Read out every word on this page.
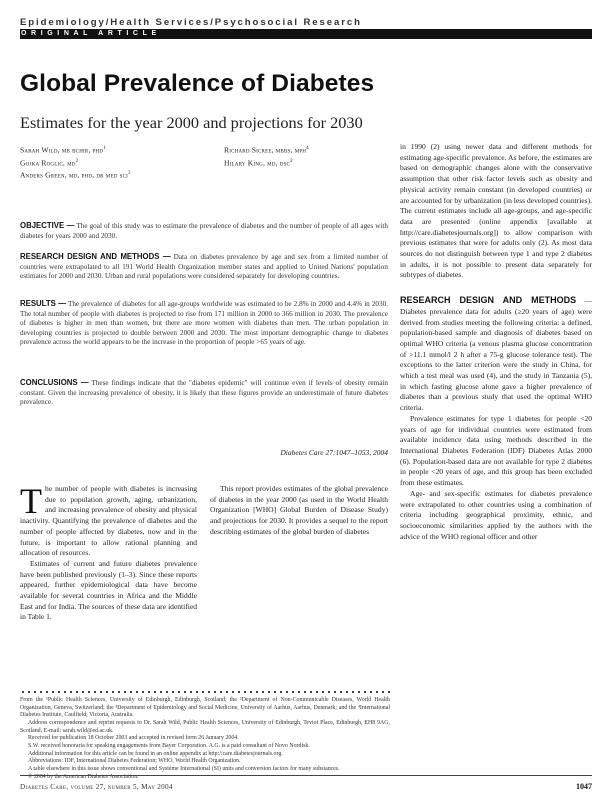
Epidemiology/Health Services/Psychosocial Research
ORIGINAL ARTICLE
Global Prevalence of Diabetes
Estimates for the year 2000 and projections for 2030
Sarah Wild, mb bchir, phd$^1$
Gojka Roglic, $md^2$
Anders Green, md, phd, dr med sci$^3$
Richard Sicree, mbbs, mph$^4$
Hilary King, md, dsc$^2$
OBJECTIVE — The goal of this study was to estimate the prevalence of diabetes and the number of people of all ages with diabetes for years 2000 and 2030.
RESEARCH DESIGN AND METHODS — Data on diabetes prevalence by age and sex from a limited number of countries were extrapolated to all 191 World Health Organization member states and applied to United Nations' population estimates for 2000 and 2030. Urban and rural populations were considered separately for developing countries.
RESULTS — The prevalence of diabetes for all age-groups worldwide was estimated to be 2.8% in 2000 and 4.4% in 2030. The total number of people with diabetes is projected to rise from 171 million in 2000 to 366 million in 2030. The prevalence of diabetes is higher in men than women, but there are more women with diabetes than men. The urban population in developing countries is projected to double between 2000 and 2030. The most important demographic change to diabetes prevalence across the world appears to be the increase in the proportion of people >65 years of age.
CONCLUSIONS — These findings indicate that the "diabetes epidemic" will continue even if levels of obesity remain constant. Given the increasing prevalence of obesity, it is likely that these figures provide an underestimate of future diabetes prevalence.
Diabetes Care 27:1047–1053, 2004

The number of people with diabetes is increasing due to population growth, aging, urbanization, and increasing prevalence of obesity and physical inactivity. Quantifying the prevalence of diabetes and the number of people affected by diabetes, now and in the future, is important to allow rational planning and allocation of resources.

Estimates of current and future diabetes prevalence have been published previously (1–3). Since these reports appeared, further epidemiological data have become available for several countries in Africa and the Middle East and for India. The sources of these data are identified in Table 1.

This report provides estimates of the global prevalence of diabetes in the year 2000 (as used in the World Health Organization [WHO] Global Burden of Disease Study) and projections for 2030. It provides a sequel to the report describing estimates of the global burden of diabetes

in 1990 (2) using newer data and different methods for estimating age-specific prevalence. As before, the estimates are based on demographic changes alone with the conservative assumption that other risk factor levels such as obesity and physical activity remain constant (in developed countries) or are accounted for by urbanization (in less developed countries). The current estimates include all age-groups, and age-specific data are presented (online appendix [available at http://care.diabetesjournals.org]) to allow comparison with previous estimates that were for adults only (2). As most data sources do not distinguish between type 1 and type 2 diabetes in adults, it is not possible to present data separately for subtypes of diabetes.

RESEARCH DESIGN AND METHODS — Diabetes prevalence data for adults (≥20 years of age) were derived from studies meeting the following criteria: a defined, population-based sample and diagnosis of diabetes based on optimal WHO criteria (a venous plasma glucose concentration of >11.1 mmol/l 2 h after a 75-g glucose tolerance test). The exceptions to the latter criterion were the study in China, for which a test meal was used (4), and the study in Tanzania (5), in which fasting glucose alone gave a higher prevalence of diabetes than a previous study that used the optimal WHO criteria.

Prevalence estimates for type 1 diabetes for people <20 years of age for individual countries were estimated from available incidence data using methods described in the International Diabetes Federation (IDF) Diabetes Atlas 2000 (6). Population-based data are not available for type 2 diabetes in people <20 years of age, and this group has been excluded from these estimates.

Age- and sex-specific estimates for diabetes prevalence were extrapolated to other countries using a combination of criteria including geographical proximity, ethnic, and socioeconomic similarities applied by the authors with the advice of the WHO regional officer and other

From the ¹Public Health Sciences, University of Edinburgh, Edinburgh, Scotland; the ²Department of Non-Communicable Diseases, World Health Organization, Geneva, Switzerland; the ³Department of Epidemiology and Social Medicine, University of Aarhus, Aarhus, Denmark; and the ⁴International Diabetes Institute, Caulfield, Victoria, Australia.

Address correspondence and reprint requests to Dr. Sarah Wild, Public Health Sciences, University of Edinburgh, Teviot Place, Edinburgh, EH8 9AG, Scotland. E-mail: sarah.wild@ed.ac.uk.

Received for publication 18 October 2003 and accepted in revised form 26 January 2004.

S.W. received honoraria for speaking engagements from Bayer Corporation. A.G. is a paid consultant of Novo Nordisk.

Additional information for this article can be found in an online appendix at http://care.diabetesjournals.org.

Abbreviations: IDF, International Diabetes Federation; WHO, World Health Organization.

A table elsewhere in this issue shows conventional and Système International (SI) units and conversion factors for many substances.

© 2004 by the American Diabetes Association.

Diabetes Care, volume 27, number 5, May 2004	1047
